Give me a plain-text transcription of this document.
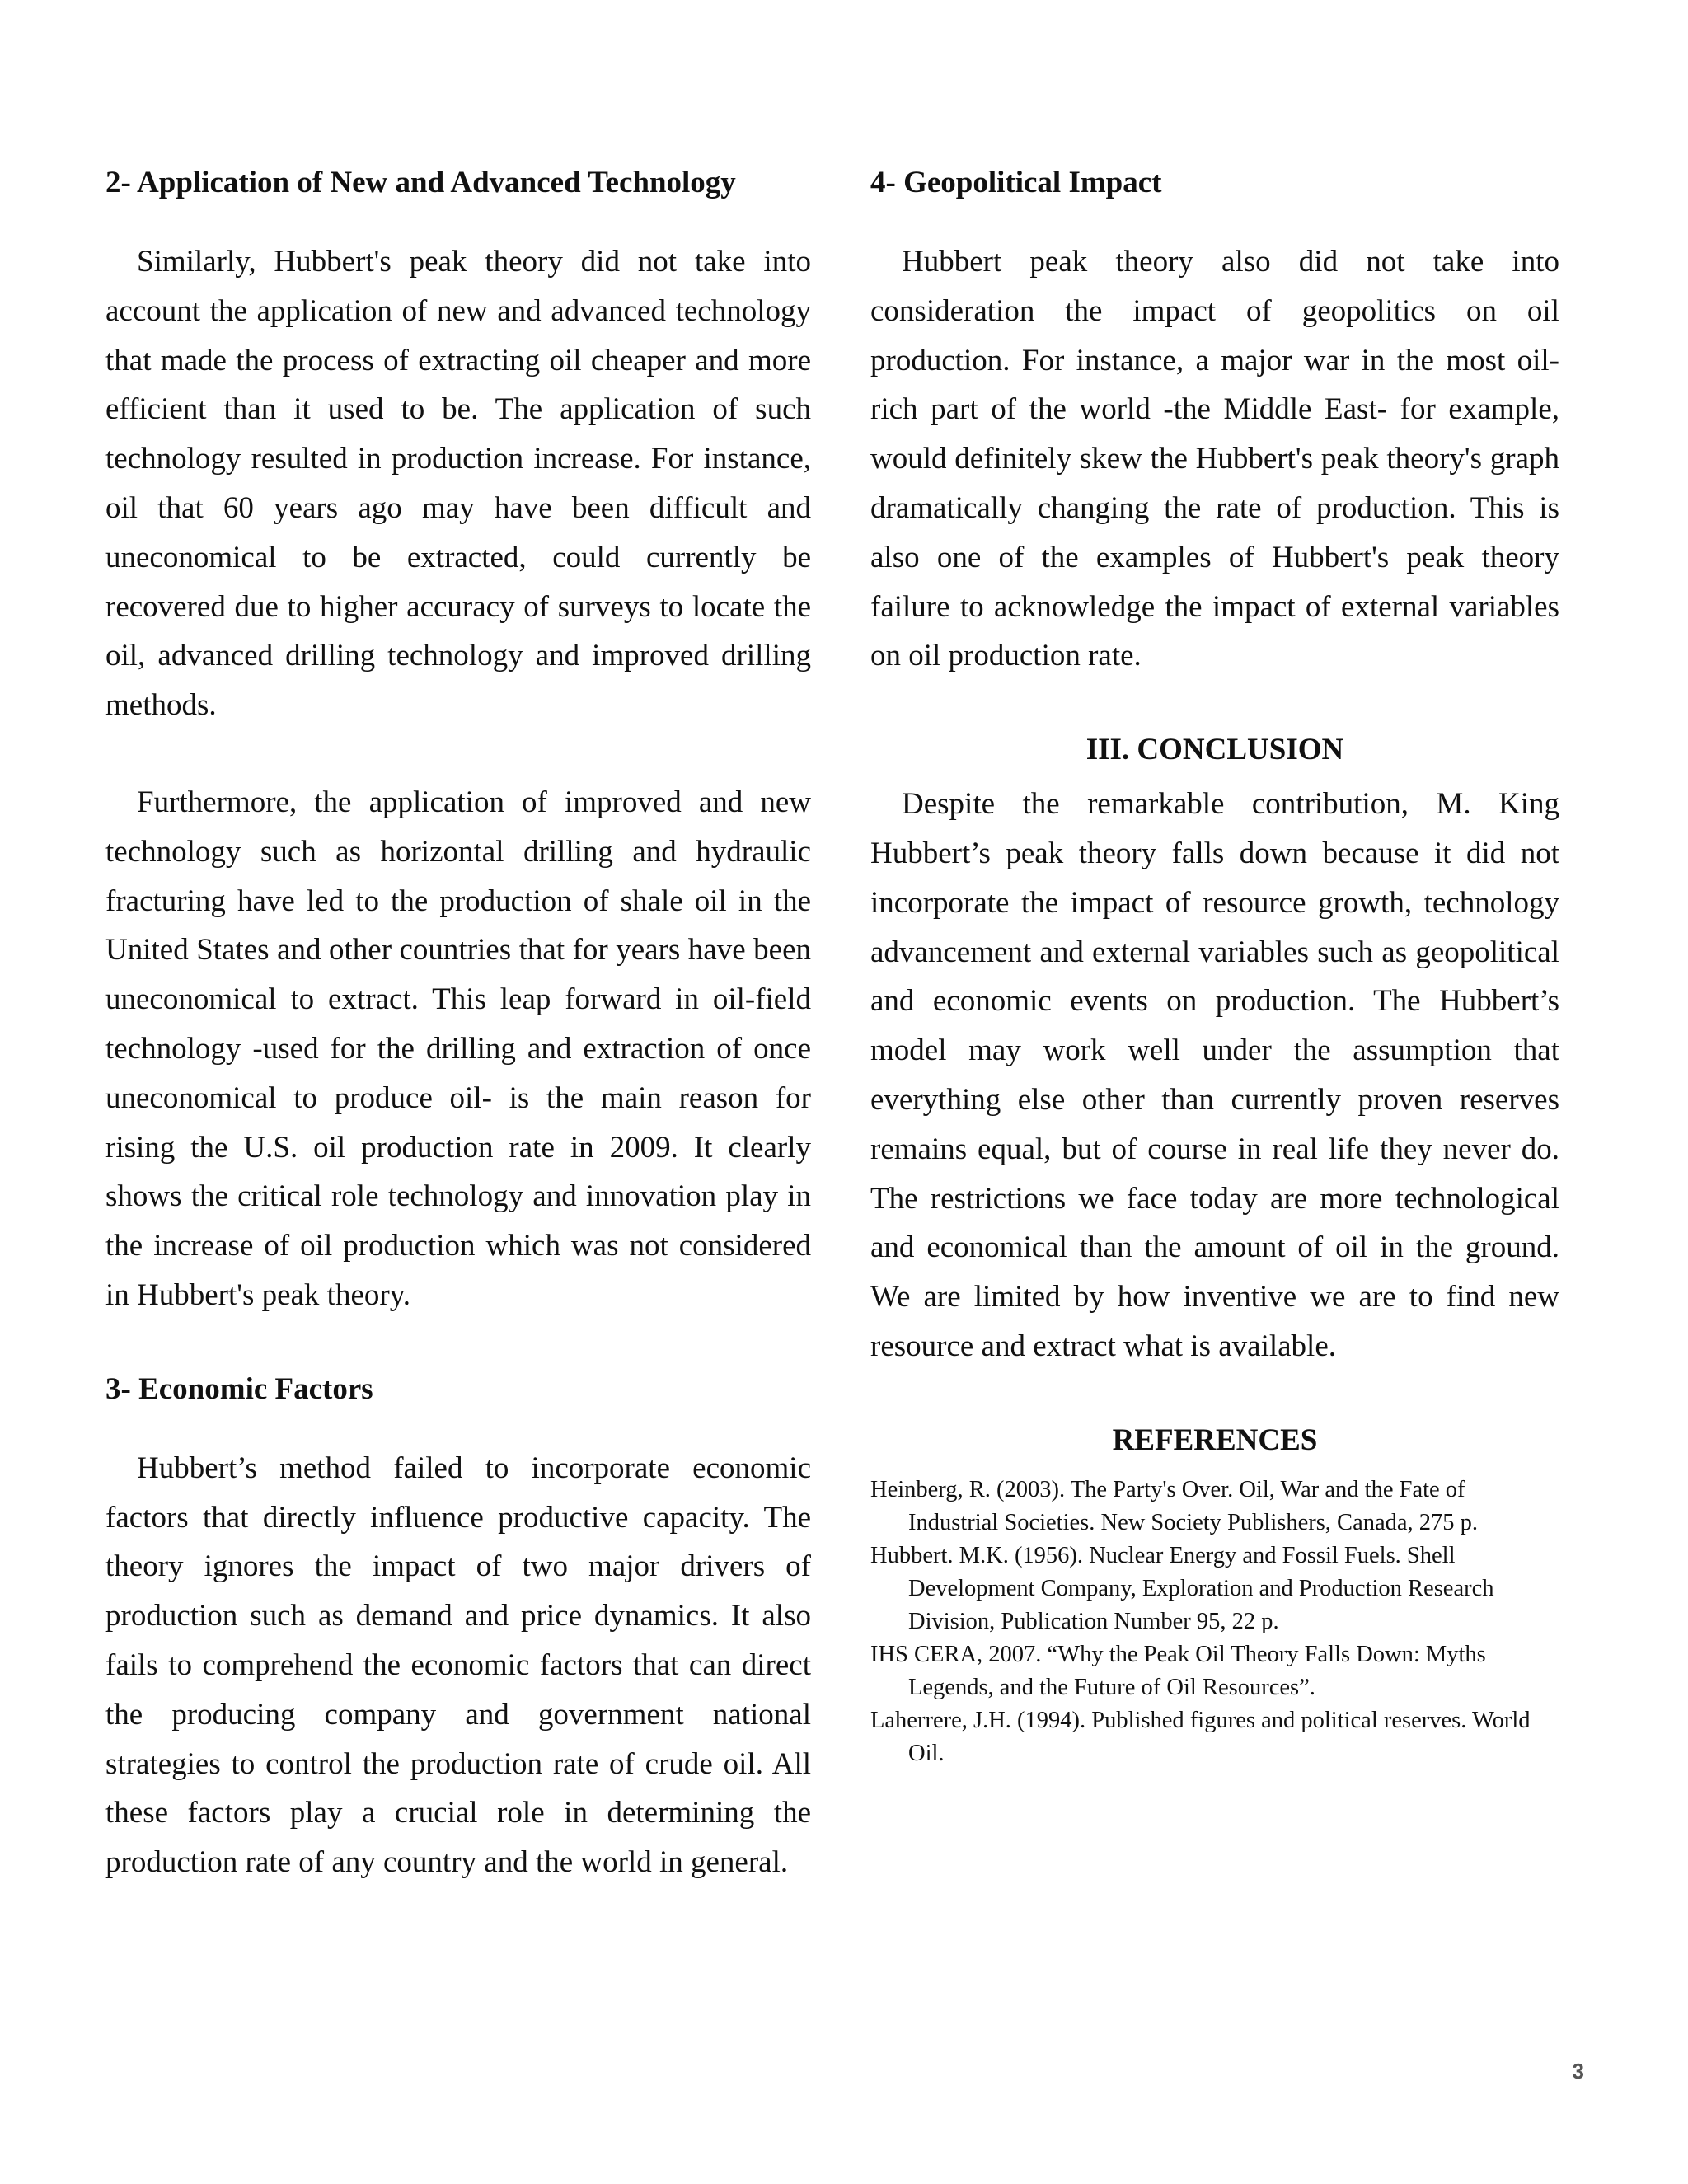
2- Application of New and Advanced Technology

Similarly, Hubbert's peak theory did not take into account the application of new and advanced technology that made the process of extracting oil cheaper and more efficient than it used to be. The application of such technology resulted in production increase. For instance, oil that 60 years ago may have been difficult and uneconomical to be extracted, could currently be recovered due to higher accuracy of surveys to locate the oil, advanced drilling technology and improved drilling methods.

Furthermore, the application of improved and new technology such as horizontal drilling and hydraulic fracturing have led to the production of shale oil in the United States and other countries that for years have been uneconomical to extract. This leap forward in oil-field technology -used for the drilling and extraction of once uneconomical to produce oil- is the main reason for rising the U.S. oil production rate in 2009. It clearly shows the critical role technology and innovation play in the increase of oil production which was not considered in Hubbert's peak theory.

3- Economic Factors

Hubbert’s method failed to incorporate economic factors that directly influence productive capacity. The theory ignores the impact of two major drivers of production such as demand and price dynamics. It also fails to comprehend the economic factors that can direct the producing company and government national strategies to control the production rate of crude oil. All these factors play a crucial role in determining the production rate of any country and the world in general.

4- Geopolitical Impact

Hubbert peak theory also did not take into consideration the impact of geopolitics on oil production. For instance, a major war in the most oil-rich part of the world -the Middle East- for example, would definitely skew the Hubbert's peak theory's graph dramatically changing the rate of production. This is also one of the examples of Hubbert's peak theory failure to acknowledge the impact of external variables on oil production rate.

III. CONCLUSION

Despite the remarkable contribution, M. King Hubbert’s peak theory falls down because it did not incorporate the impact of resource growth, technology advancement and external variables such as geopolitical and economic events on production. The Hubbert’s model may work well under the assumption that everything else other than currently proven reserves remains equal, but of course in real life they never do. The restrictions we face today are more technological and economical than the amount of oil in the ground. We are limited by how inventive we are to find new resource and extract what is available.

REFERENCES
Heinberg, R. (2003). The Party's Over. Oil, War and the Fate of Industrial Societies. New Society Publishers, Canada, 275 p.
Hubbert. M.K. (1956). Nuclear Energy and Fossil Fuels. Shell Development Company, Exploration and Production Research Division, Publication Number 95, 22 p.
IHS CERA, 2007. “Why the Peak Oil Theory Falls Down: Myths Legends, and the Future of Oil Resources”.
Laherrere, J.H. (1994). Published figures and political reserves. World Oil.
3
